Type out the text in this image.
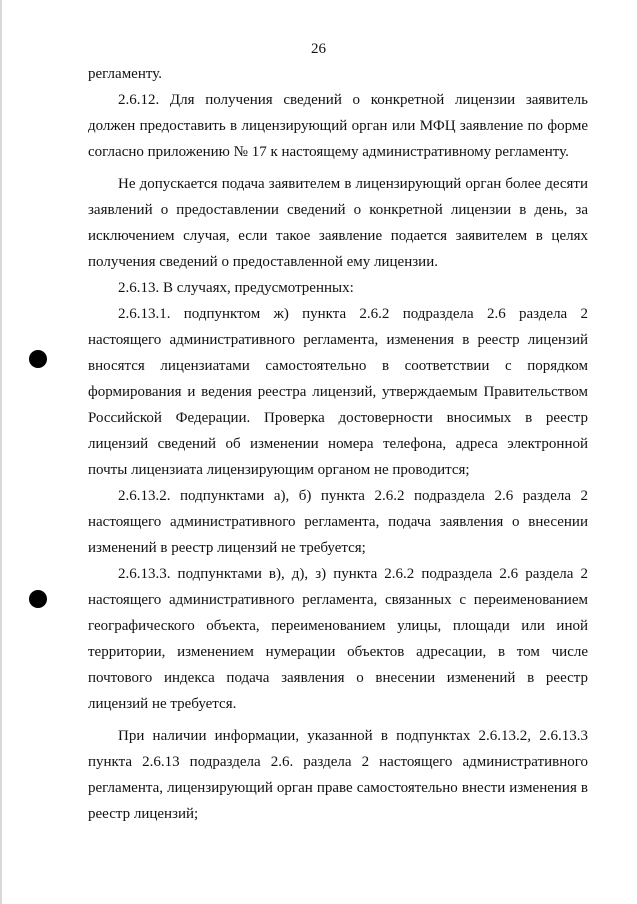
26

регламенту.

2.6.12. Для получения сведений о конкретной лицензии заявитель должен предоставить в лицензирующий орган или МФЦ заявление по форме согласно приложению № 17 к настоящему административному регламенту.

Не допускается подача заявителем в лицензирующий орган более десяти заявлений о предоставлении сведений о конкретной лицензии в день, за исключением случая, если такое заявление подается заявителем в целях получения сведений о предоставленной ему лицензии.

2.6.13. В случаях, предусмотренных:

2.6.13.1. подпунктом ж) пункта 2.6.2 подраздела 2.6 раздела 2 настоящего административного регламента, изменения в реестр лицензий вносятся лицензиатами самостоятельно в соответствии с порядком формирования и ведения реестра лицензий, утверждаемым Правительством Российской Федерации. Проверка достоверности вносимых в реестр лицензий сведений об изменении номера телефона, адреса электронной почты лицензиата лицензирующим органом не проводится;

2.6.13.2. подпунктами а), б) пункта 2.6.2 подраздела 2.6 раздела 2 настоящего административного регламента, подача заявления о внесении изменений в реестр лицензий не требуется;

2.6.13.3. подпунктами в), д), з) пункта 2.6.2 подраздела 2.6 раздела 2 настоящего административного регламента, связанных с переименованием географического объекта, переименованием улицы, площади или иной территории, изменением нумерации объектов адресации, в том числе почтового индекса подача заявления о внесении изменений в реестр лицензий не требуется.

При наличии информации, указанной в подпунктах 2.6.13.2, 2.6.13.3 пункта 2.6.13 подраздела 2.6. раздела 2 настоящего административного регламента, лицензирующий орган праве самостоятельно внести изменения в реестр лицензий;
